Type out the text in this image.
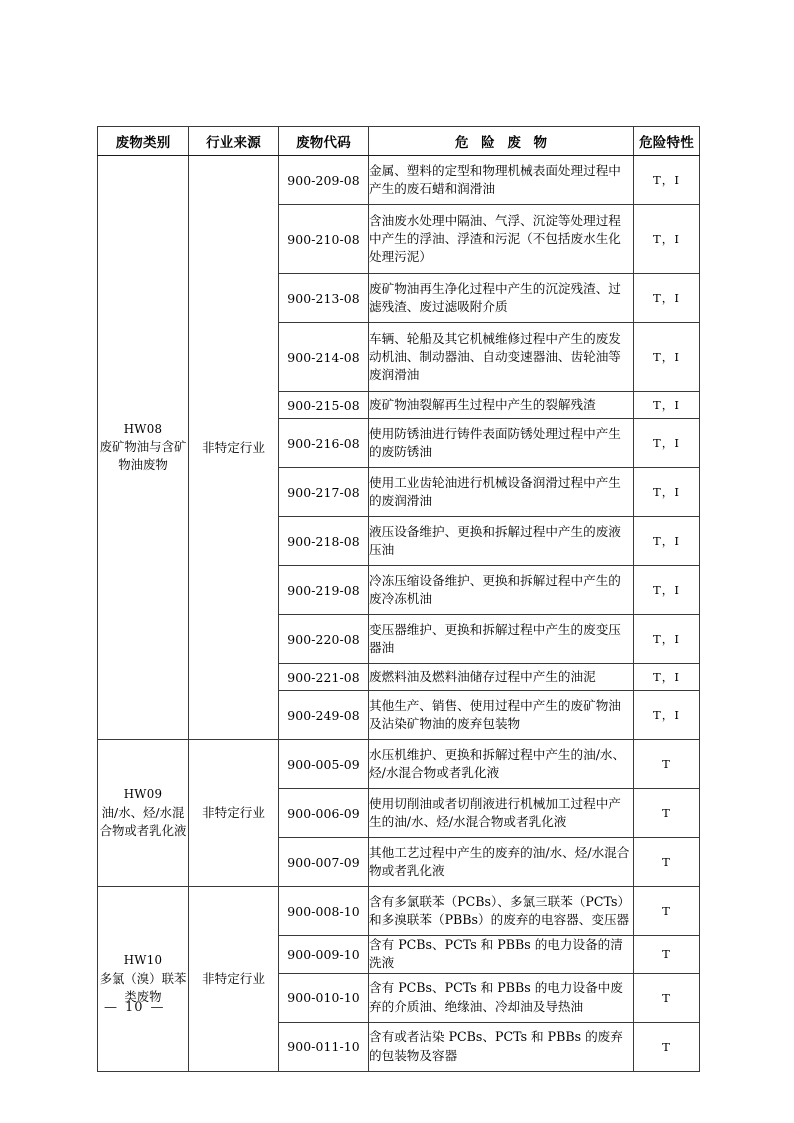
废物类别	行业来源	废物代码	危 险 废 物	危险特性

HW08
废矿物油与含矿物油废物	非特定行业	900-209-08	金属、塑料的定型和物理机械表面处理过程中产生的废石蜡和润滑油	T，I
		900-210-08	含油废水处理中隔油、气浮、沉淀等处理过程中产生的浮油、浮渣和污泥（不包括废水生化处理污泥）	T，I
		900-213-08	废矿物油再生净化过程中产生的沉淀残渣、过滤残渣、废过滤吸附介质	T，I
		900-214-08	车辆、轮船及其它机械维修过程中产生的废发动机油、制动器油、自动变速器油、齿轮油等废润滑油	T，I
		900-215-08	废矿物油裂解再生过程中产生的裂解残渣	T，I
		900-216-08	使用防锈油进行铸件表面防锈处理过程中产生的废防锈油	T，I
		900-217-08	使用工业齿轮油进行机械设备润滑过程中产生的废润滑油	T，I
		900-218-08	液压设备维护、更换和拆解过程中产生的废液压油	T，I
		900-219-08	冷冻压缩设备维护、更换和拆解过程中产生的废冷冻机油	T，I
		900-220-08	变压器维护、更换和拆解过程中产生的废变压器油	T，I
		900-221-08	废燃料油及燃料油储存过程中产生的油泥	T，I
		900-249-08	其他生产、销售、使用过程中产生的废矿物油及沾染矿物油的废弃包装物	T，I

HW09
油/水、烃/水混合物或者乳化液	非特定行业	900-005-09	水压机维护、更换和拆解过程中产生的油/水、烃/水混合物或者乳化液	T
		900-006-09	使用切削油或者切削液进行机械加工过程中产生的油/水、烃/水混合物或者乳化液	T
		900-007-09	其他工艺过程中产生的废弃的油/水、烃/水混合物或者乳化液	T

HW10
多氯（溴）联苯类废物	非特定行业	900-008-10	含有多氯联苯（PCBs）、多氯三联苯（PCTs）和多溴联苯（PBBs）的废弃的电容器、变压器	T
		900-009-10	含有 PCBs、PCTs 和 PBBs 的电力设备的清洗液	T
		900-010-10	含有 PCBs、PCTs 和 PBBs 的电力设备中废弃的介质油、绝缘油、冷却油及导热油	T
		900-011-10	含有或者沾染 PCBs、PCTs 和 PBBs 的废弃的包装物及容器	T
— 10 —
